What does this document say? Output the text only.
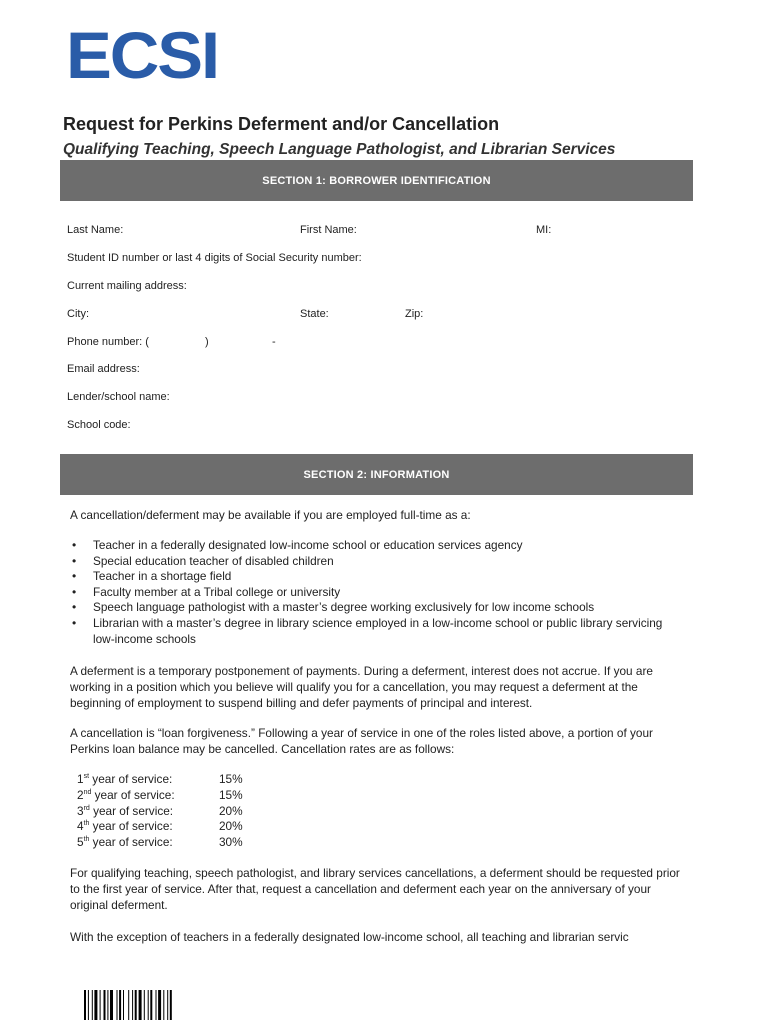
ECSI
Request for Perkins Deferment and/or Cancellation
Qualifying Teaching, Speech Language Pathologist, and Librarian Services
SECTION 1: BORROWER IDENTIFICATION
Last Name:	First Name:	MI:
Student ID number or last 4 digits of Social Security number:
Current mailing address:
City:	State:	Zip:
Phone number: (	)	-
Email address:
Lender/school name:
School code:
SECTION 2: INFORMATION
A cancellation/deferment may be available if you are employed full-time as a:
• Teacher in a federally designated low-income school or education services agency
• Special education teacher of disabled children
• Teacher in a shortage field
• Faculty member at a Tribal college or university
• Speech language pathologist with a master’s degree working exclusively for low income schools
• Librarian with a master’s degree in library science employed in a low-income school or public library servicing low-income schools
A deferment is a temporary postponement of payments. During a deferment, interest does not accrue. If you are working in a position which you believe will qualify you for a cancellation, you may request a deferment at the beginning of employment to suspend billing and defer payments of principal and interest.
A cancellation is “loan forgiveness.” Following a year of service in one of the roles listed above, a portion of your Perkins loan balance may be cancelled. Cancellation rates are as follows:
1st year of service:	15%
2nd year of service:	15%
3rd year of service:	20%
4th year of service:	20%
5th year of service:	30%
For qualifying teaching, speech pathologist, and library services cancellations, a deferment should be requested prior to the first year of service. After that, request a cancellation and deferment each year on the anniversary of your original deferment.
With the exception of teachers in a federally designated low-income school, all teaching and librarian servic
